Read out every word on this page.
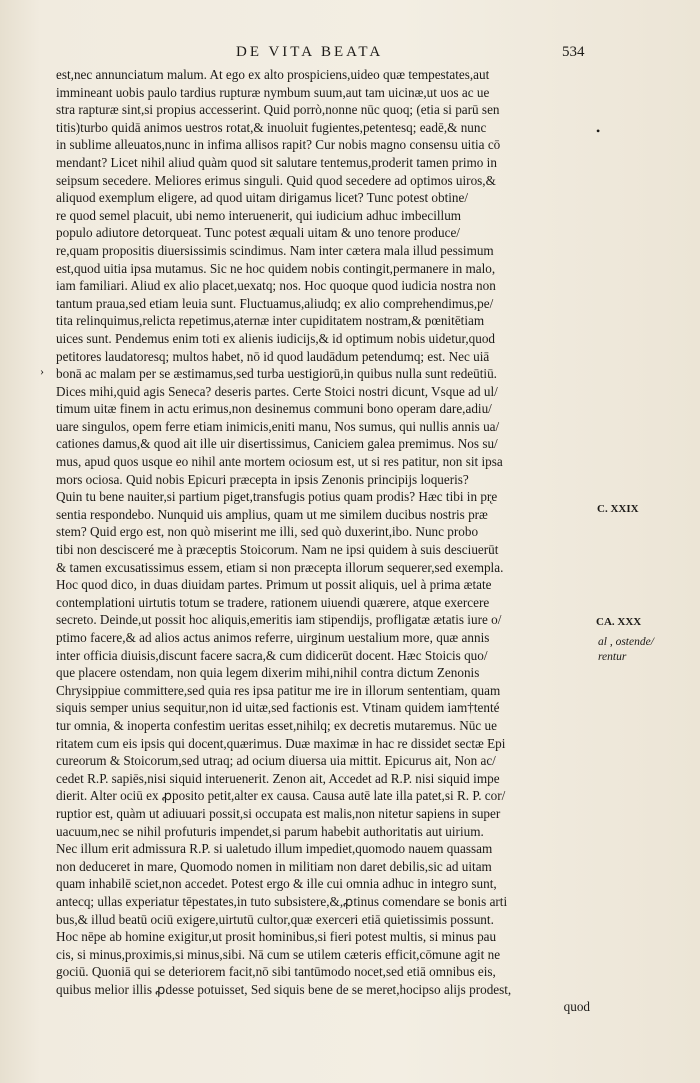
DE VITA BEATA	534
est,nec annunciatum malum. At ego ex alto prospiciens,uideo quæ tempestates,aut
immineant uobis paulo tardius rupturæ nymbum suum,aut tam uicinæ,ut uos ac ue
stra rapturæ sint,si propius accesserint. Quid porrò,nonne nūc quoq; (etia si parū sen
titis)turbo quidā animos uestros rotat,& inuoluit fugientes,petentesq; eadē,& nunc
in sublime alleuatos,nunc in infima allisos rapit? Cur nobis magno consensu uitia cō
mendant? Licet nihil aliud quàm quod sit salutare tentemus,proderit tamen primo in
seipsum secedere. Meliores erimus singuli. Quid quod secedere ad optimos uiros,&
aliquod exemplum eligere, ad quod uitam dirigamus licet? Tunc potest obtine/
re quod semel placuit, ubi nemo interuenerit, qui iudicium adhuc imbecillum
populo adiutore detorqueat. Tunc potest æquali uitam & uno tenore produce/
re,quam propositis diuersissimis scindimus. Nam inter cætera mala illud pessimum
est,quod uitia ipsa mutamus. Sic ne hoc quidem nobis contingit,permanere in malo,
iam familiari. Aliud ex alio placet,uexatq; nos. Hoc quoque quod iudicia nostra non
tantum praua,sed etiam leuia sunt. Fluctuamus,aliudq; ex alio comprehendimus,pe/
tita relinquimus,relicta repetimus,aternæ inter cupiditatem nostram,& pœnitētiam
uices sunt. Pendemus enim toti ex alienis iudicijs,& id optimum nobis uidetur,quod
petitores laudatoresq; multos habet, nō id quod laudādum petendumq; est. Nec uiā
bonā ac malam per se æstimamus,sed turba uestigiorū,in quibus nulla sunt redeūtiū.
Dices mihi,quid agis Seneca? deseris partes. Certe Stoici nostri dicunt, Vsque ad ul/
timum uitæ finem in actu erimus,non desinemus communi bono operam dare,adiu/
uare singulos, opem ferre etiam inimicis,eniti manu, Nos sumus, qui nullis annis ua/
cationes damus,& quod ait ille uir disertissimus, Caniciem galea premimus. Nos su/
mus, apud quos usque eo nihil ante mortem ociosum est, ut si res patitur, non sit ipsa
mors ociosa. Quid nobis Epicuri præcepta in ipsis Zenonis principijs loqueris?
Quin tu bene nauiter,si partium piget,transfugis potius quam prodis? Hæc tibi in pr̨e
sentia respondebo. Nunquid uis amplius, quam ut me similem ducibus nostris præ
stem? Quid ergo est, non quò miserint me illi, sed quò duxerint,ibo. Nunc probo
tibi non descisceré me à præceptis Stoicorum. Nam ne ipsi quidem à suis desciuerūt
& tamen excusatissimus essem, etiam si non præcepta illorum sequerer,sed exempla.
Hoc quod dico, in duas diuidam partes. Primum ut possit aliquis, uel à prima ætate
contemplationi uirtutis totum se tradere, rationem uiuendi quærere, atque exercere
secreto. Deinde,ut possit hoc aliquis,emeritis iam stipendijs, profligatæ ætatis iure o/
ptimo facere,& ad alios actus animos referre, uirginum uestalium more, quæ annis
inter officia diuisis,discunt facere sacra,& cum didicerūt docent. Hæc Stoicis quo/
que placere ostendam, non quia legem dixerim mihi,nihil contra dictum Zenonis
Chrysippiue committere,sed quia res ipsa patitur me ire in illorum sententiam, quam
siquis semper unius sequitur,non id uitæ,sed factionis est. Vtinam quidem iam†tenté
tur omnia, & inoperta confestim ueritas esset,nihilq; ex decretis mutaremus. Nūc ue
ritatem cum eis ipsis qui docent,quærimus. Duæ maximæ in hac re dissidet sectæ Epi
cureorum & Stoicorum,sed utraq; ad ocium diuersa uia mittit. Epicurus ait, Non ac/
cedet R.P. sapiēs,nisi siquid interuenerit. Zenon ait, Accedet ad R.P. nisi siquid impe
dierit. Alter ociū ex ꝓposito petit,alter ex causa. Causa autē late illa patet,si R. P. cor/
ruptior est, quàm ut adiuuari possit,si occupata est malis,non nitetur sapiens in super
uacuum,nec se nihil profuturis impendet,si parum habebit authoritatis aut uirium.
Nec illum erit admissura R.P. si ualetudo illum impediet,quomodo nauem quassam
non deduceret in mare, Quomodo nomen in militiam non daret debilis,sic ad uitam
quam inhabilē sciet,non accedet. Potest ergo & ille cui omnia adhuc in integro sunt,
antecq; ullas experiatur tēpestates,in tuto subsistere,&,ꝓtinus comendare se bonis arti
bus,& illud beatū ociū exigere,uirtutū cultor,quæ exerceri etiā quietissimis possunt.
Hoc nēpe ab homine exigitur,ut prosit hominibus,si fieri potest multis, si minus pau
cis, si minus,proximis,si minus,sibi. Nā cum se utilem cæteris efficit,cōmune agit ne
gociū. Quoniā qui se deteriorem facit,nō sibi tantūmodo nocet,sed etiā omnibus eis,
quibus melior illis ꝓdesse potuisset, Sed siquis bene de se meret,hocipso alijs prodest,
quod
•
›
C. XXIX
CA. XXX
al , ostende/
rentur
